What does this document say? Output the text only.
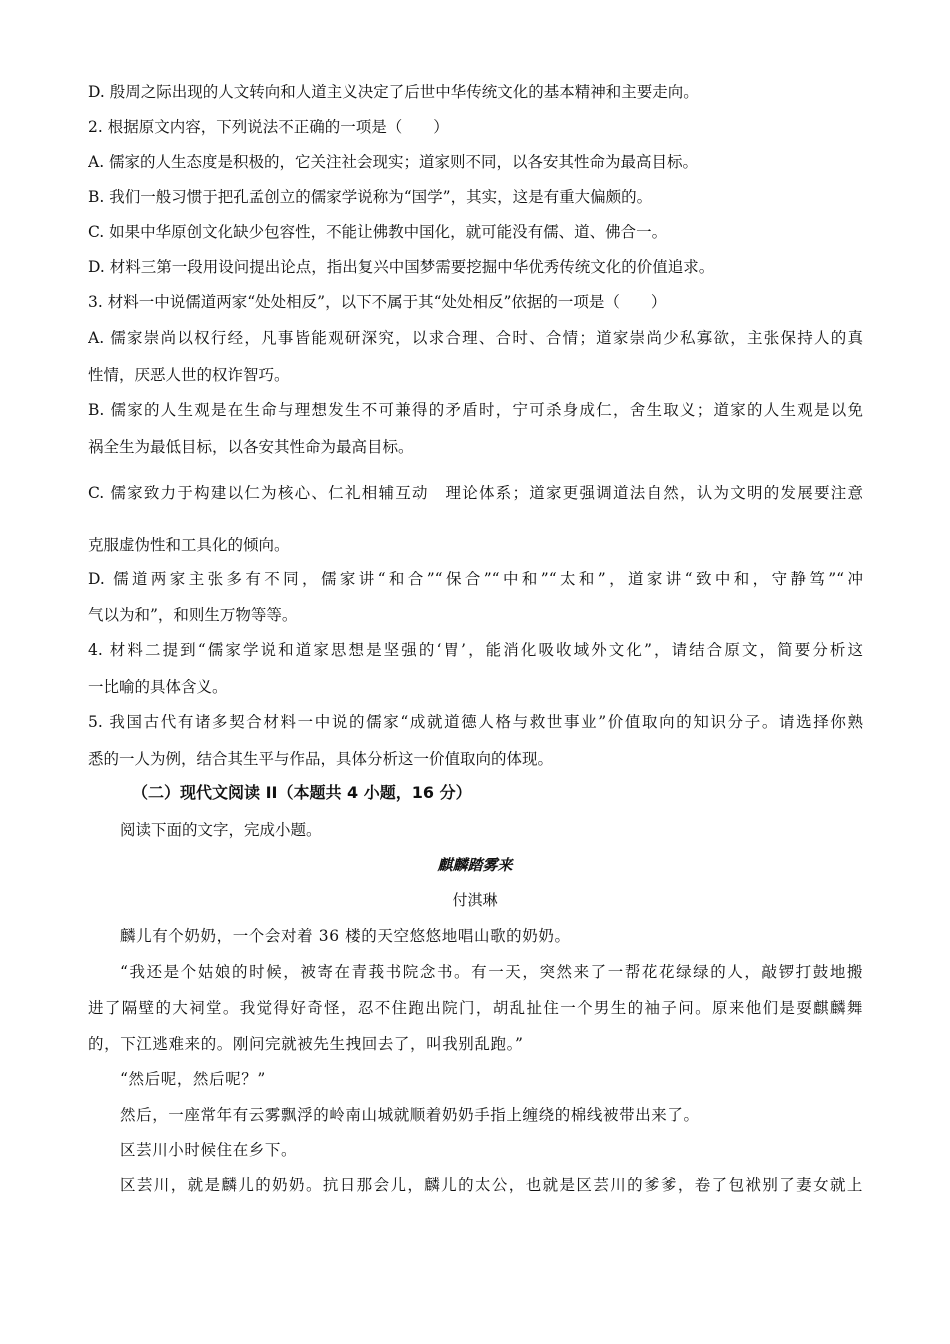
D. 殷周之际出现的人文转向和人道主义决定了后世中华传统文化的基本精神和主要走向。
2. 根据原文内容，下列说法不正确的一项是（　　）
A. 儒家的人生态度是积极的，它关注社会现实；道家则不同，以各安其性命为最高目标。
B. 我们一般习惯于把孔孟创立的儒家学说称为“国学”，其实，这是有重大偏颇的。
C. 如果中华原创文化缺少包容性，不能让佛教中国化，就可能没有儒、道、佛合一。
D. 材料三第一段用设问提出论点，指出复兴中国梦需要挖掘中华优秀传统文化的价值追求。
3. 材料一中说儒道两家“处处相反”，以下不属于其“处处相反”依据的一项是（　　）
A. 儒家崇尚以权行经，凡事皆能观研深究，以求合理、合时、合情；道家崇尚少私寡欲，主张保持人的真
性情，厌恶人世的权诈智巧。
B. 儒家的人生观是在生命与理想发生不可兼得的矛盾时，宁可杀身成仁，舍生取义；道家的人生观是以免
祸全生为最低目标，以各安其性命为最高目标。
C. 儒家致力于构建以仁为核心、仁礼相辅互动　理论体系；道家更强调道法自然，认为文明的发展要注意
克服虚伪性和工具化的倾向。
D. 儒道两家主张多有不同，儒家讲“和合”“保合”“中和”“太和”，道家讲“致中和，守静笃”“冲
气以为和”，和则生万物等等。
4. 材料二提到“儒家学说和道家思想是坚强的‘胃’，能消化吸收域外文化”，请结合原文，简要分析这
一比喻的具体含义。
5. 我国古代有诸多契合材料一中说的儒家“成就道德人格与救世事业”价值取向的知识分子。请选择你熟
悉的一人为例，结合其生平与作品，具体分析这一价值取向的体现。
（二）现代文阅读 II（本题共 4 小题，16 分）
阅读下面的文字，完成小题。
麒麟踏雾来
付淇琳
麟儿有个奶奶，一个会对着 36 楼的天空悠悠地唱山歌的奶奶。
“我还是个姑娘的时候，被寄在青莪书院念书。有一天，突然来了一帮花花绿绿的人，敲锣打鼓地搬
进了隔壁的大祠堂。我觉得好奇怪，忍不住跑出院门，胡乱扯住一个男生的袖子问。原来他们是耍麒麟舞
的，下江逃难来的。刚问完就被先生拽回去了，叫我别乱跑。”
“然后呢，然后呢？”
然后，一座常年有云雾飘浮的岭南山城就顺着奶奶手指上缠绕的棉线被带出来了。
区芸川小时候住在乡下。
区芸川，就是麟儿的奶奶。抗日那会儿，麟儿的太公，也就是区芸川的爹爹，卷了包袱别了妻女就上
